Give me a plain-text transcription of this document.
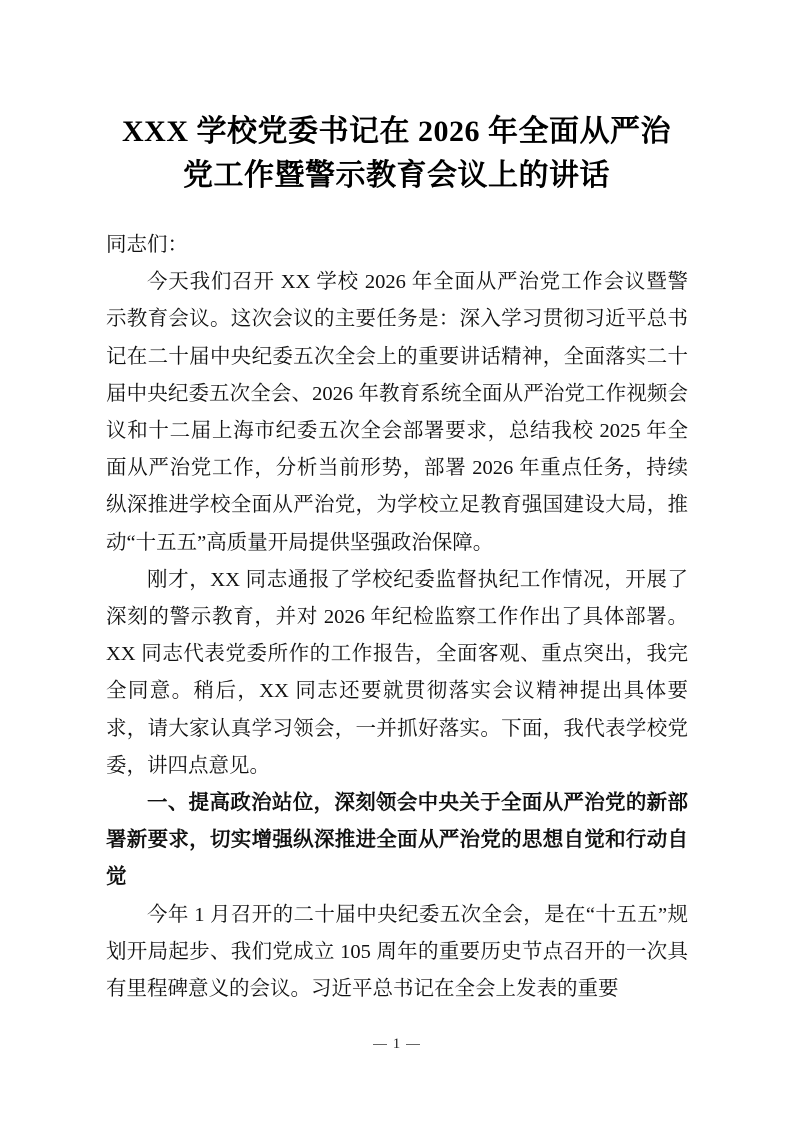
XXX 学校党委书记在 2026 年全面从严治
党工作暨警示教育会议上的讲话

同志们：

今天我们召开 XX 学校 2026 年全面从严治党工作会议暨警示教育会议。这次会议的主要任务是：深入学习贯彻习近平总书记在二十届中央纪委五次全会上的重要讲话精神，全面落实二十届中央纪委五次全会、2026 年教育系统全面从严治党工作视频会议和十二届上海市纪委五次全会部署要求，总结我校 2025 年全面从严治党工作，分析当前形势，部署 2026 年重点任务，持续纵深推进学校全面从严治党，为学校立足教育强国建设大局，推动“十五五”高质量开局提供坚强政治保障。

刚才，XX 同志通报了学校纪委监督执纪工作情况，开展了深刻的警示教育，并对 2026 年纪检监察工作作出了具体部署。XX 同志代表党委所作的工作报告，全面客观、重点突出，我完全同意。稍后，XX 同志还要就贯彻落实会议精神提出具体要求，请大家认真学习领会，一并抓好落实。下面，我代表学校党委，讲四点意见。

一、提高政治站位，深刻领会中央关于全面从严治党的新部署新要求，切实增强纵深推进全面从严治党的思想自觉和行动自觉

今年 1 月召开的二十届中央纪委五次全会，是在“十五五”规划开局起步、我们党成立 105 周年的重要历史节点召开的一次具有里程碑意义的会议。习近平总书记在全会上发表的重要

1
